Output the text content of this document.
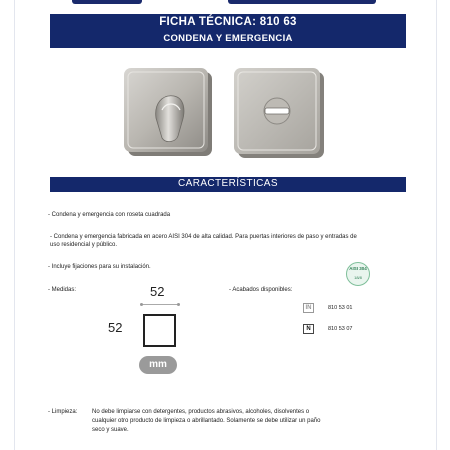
FICHA TÉCNICA: 810 63
CONDENA Y EMERGENCIA
CARACTERÍSTICAS
- Condena y emergencia con roseta cuadrada
- Condena y emergencia fabricada en acero AISI 304 de alta calidad. Para puertas interiores de paso y entradas de
uso residencial y público.
- Incluye fijaciones para su instalación.
- Medidas:	52
52
mm
AISI 304
18/8
- Acabados disponibles:
IN	810 53 01
N	810 53 07
- Limpieza: No debe limpiarse con detergentes, productos abrasivos, alcoholes, disolventes o
cualquier otro producto de limpieza o abrillantado. Solamente se debe utilizar un paño
seco y suave.
